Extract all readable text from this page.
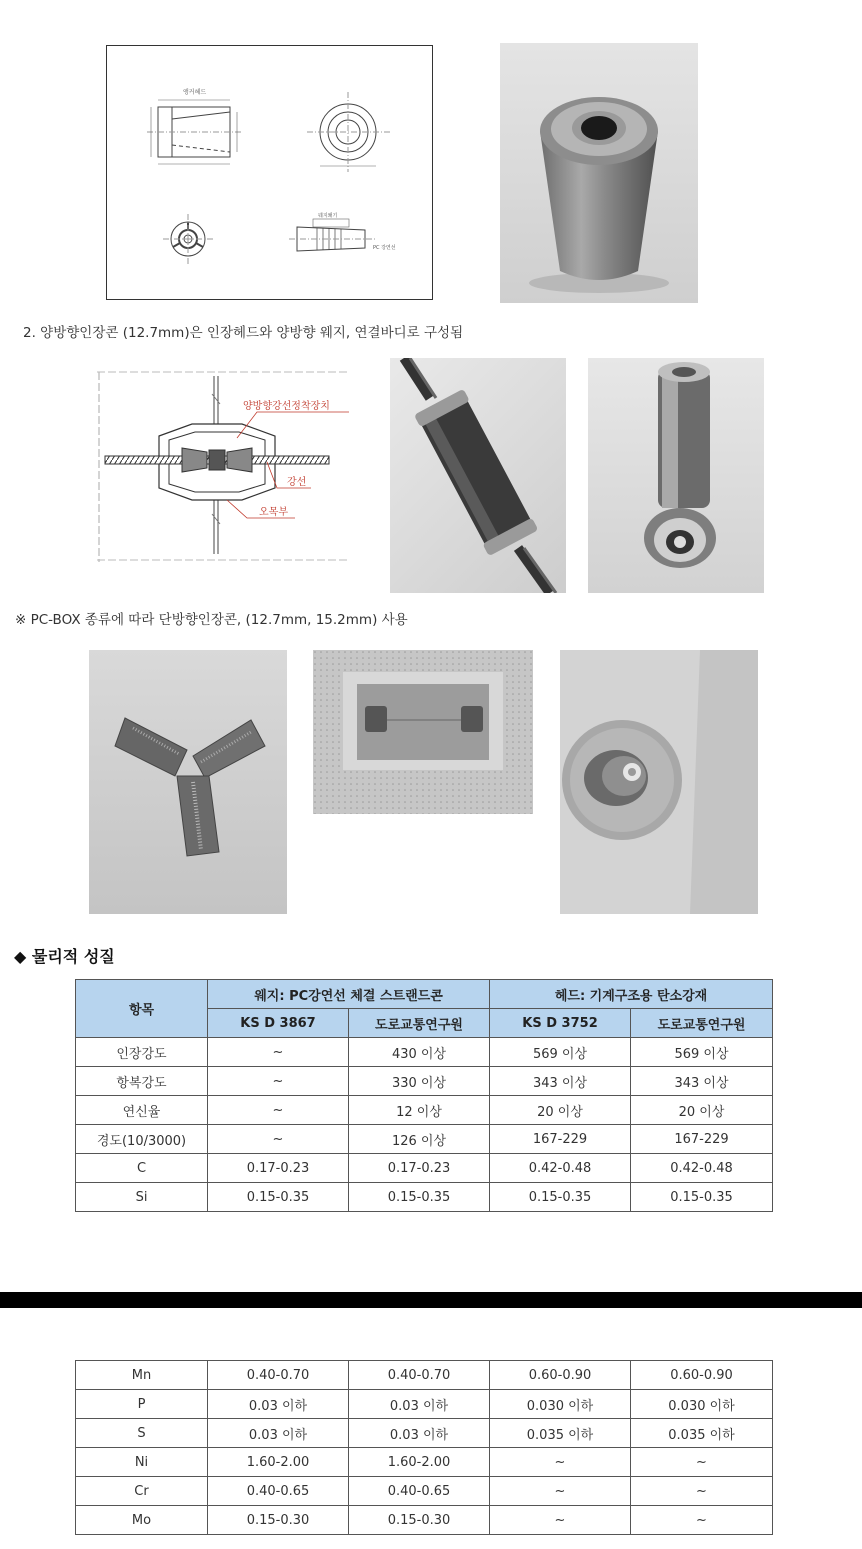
앵커헤드
웨지쐐기
PC 강연선
2. 양방향인장콘 (12.7mm)은 인장헤드와 양방향 웨지, 연결바디로 구성됨
양방향강선정착장치
강선
오목부
※ PC-BOX 종류에 따라 단방향인장콘, (12.7mm, 15.2mm) 사용
◆ 물리적 성질
항목	웨지: PC강연선 체결 스트랜드콘		헤드: 기계구조용 탄소강재	
	KS D 3867	도로교통연구원	KS D 3752	도로교통연구원
인장강도	~	430 이상	569 이상	569 이상
항복강도	~	330 이상	343 이상	343 이상
연신율	~	12 이상	20 이상	20 이상
경도(10/3000)	~	126 이상	167-229	167-229
C	0.17-0.23	0.17-0.23	0.42-0.48	0.42-0.48
Si	0.15-0.35	0.15-0.35	0.15-0.35	0.15-0.35
Mn	0.40-0.70	0.40-0.70	0.60-0.90	0.60-0.90
P	0.03 이하	0.03 이하	0.030 이하	0.030 이하
S	0.03 이하	0.03 이하	0.035 이하	0.035 이하
Ni	1.60-2.00	1.60-2.00	~	~
Cr	0.40-0.65	0.40-0.65	~	~
Mo	0.15-0.30	0.15-0.30	~	~
